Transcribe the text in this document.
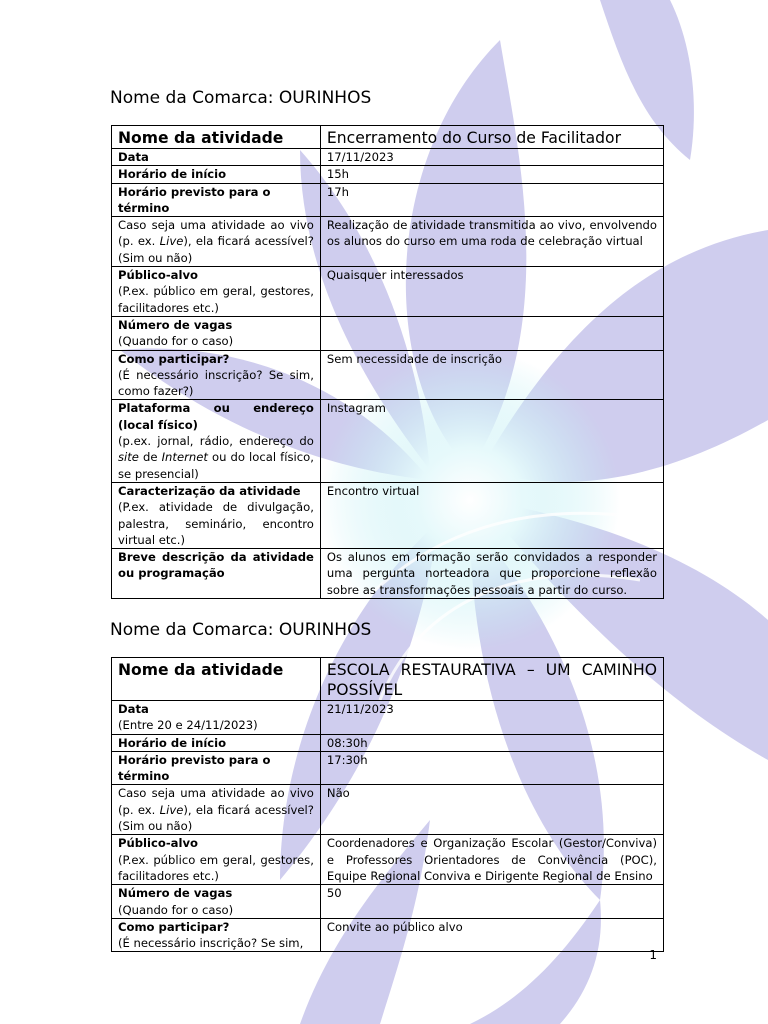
Nome da Comarca: OURINHOS
Nome da atividade	Encerramento do Curso de Facilitador

Data	17/11/2023

Horário de início	15h

Horário previsto para o término	17h
Caso seja uma atividade ao vivo (p. ex. Live), ela ficará acessível? (Sim ou não)	Realização de atividade transmitida ao vivo, envolvendo os alunos do curso em uma roda de celebração virtual

Público-alvo
(P.ex. público em geral, gestores, facilitadores etc.)	Quaisquer interessados

Número de vagas
(Quando for o caso)	

Como participar?
(É necessário inscrição? Se sim, como fazer?)	Sem necessidade de inscrição

Plataforma ou endereço (local físico)
(p.ex. jornal, rádio, endereço do site de Internet ou do local físico, se presencial)	Instagram

Caracterização da atividade
(P.ex. atividade de divulgação, palestra, seminário, encontro virtual etc.)	Encontro virtual

Breve descrição da atividade ou programação	Os alunos em formação serão convidados a responder uma pergunta norteadora que proporcione reflexão sobre as transformações pessoais a partir do curso.
Nome da Comarca: OURINHOS
Nome da atividade	ESCOLA RESTAURATIVA – UM CAMINHO POSSÍVEL

Data
(Entre 20 e 24/11/2023)	21/11/2023

Horário de início	08:30h

Horário previsto para o término	17:30h
Caso seja uma atividade ao vivo (p. ex. Live), ela ficará acessível? (Sim ou não)	Não

Público-alvo
(P.ex. público em geral, gestores, facilitadores etc.)	Coordenadores e Organização Escolar (Gestor/Conviva) e Professores Orientadores de Convivência (POC), Equipe Regional Conviva e Dirigente Regional de Ensino

Número de vagas
(Quando for o caso)	50

Como participar?
(É necessário inscrição? Se sim,	Convite ao público alvo
1
